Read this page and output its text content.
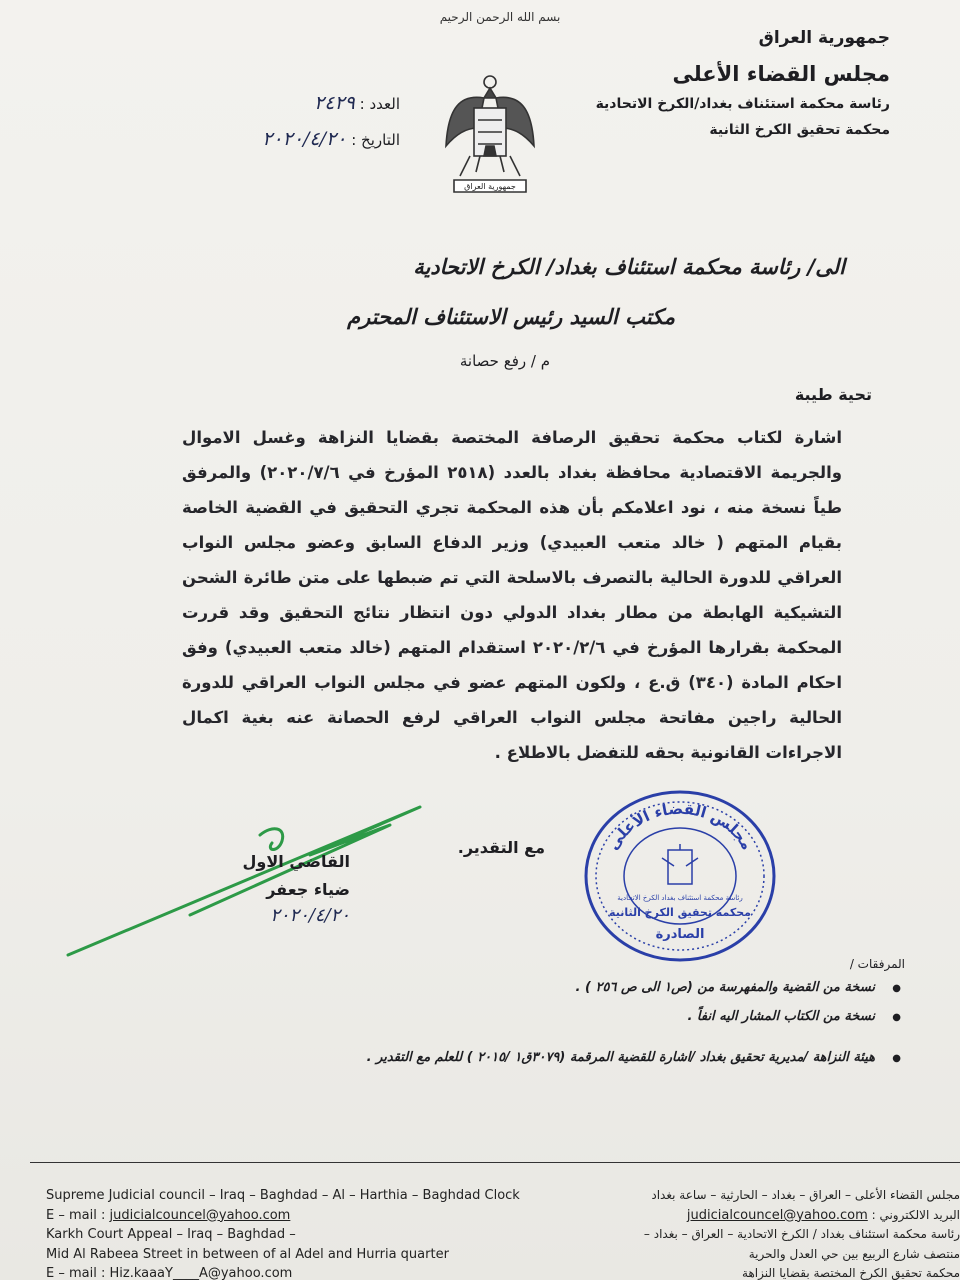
بسم الله الرحمن الرحيم
جمهورية العراق
مجلس القضاء الأعلى
رئاسة محكمة استئناف بغداد/الكرخ الاتحادية
محكمة تحقيق الكرخ الثانية
جمهورية العراق
العدد : ٢٤٢٩
التاريخ : ٢٠٢٠/٤/٢٠
الى/ رئاسة محكمة استئناف بغداد/ الكرخ الاتحادية
مكتب السيد رئيس الاستئناف المحترم
م / رفع حصانة
تحية طيبة
اشارة لكتاب محكمة تحقيق الرصافة المختصة بقضايا النزاهة وغسل الاموال والجريمة الاقتصادية محافظة بغداد بالعدد (٢٥١٨ المؤرخ في ٢٠٢٠/٧/٦) والمرفق طياً نسخة منه ، نود اعلامكم بأن هذه المحكمة تجري التحقيق في القضية الخاصة بقيام المتهم ( خالد متعب العبيدي) وزير الدفاع السابق وعضو مجلس النواب العراقي للدورة الحالية بالتصرف بالاسلحة التي تم ضبطها على متن طائرة الشحن التشيكية الهابطة من مطار بغداد الدولي دون انتظار نتائج التحقيق وقد قررت المحكمة بقرارها المؤرخ في ٢٠٢٠/٢/٦ استقدام المتهم (خالد متعب العبيدي) وفق احكام المادة (٣٤٠) ق.ع ، ولكون المتهم عضو في مجلس النواب العراقي للدورة الحالية راجين مفاتحة مجلس النواب العراقي لرفع الحصانة عنه بغية اكمال الاجراءات القانونية بحقه للتفضل بالاطلاع .
مع التقدير.
القاضي الاول
ضياء جعفر
٢٠٢٠/٤/٢٠
مجلس القضاء الأعلى
رئاسة محكمة استئناف بغداد الكرخ الاتحادية
محكمة تحقيق الكرخ الثانية
الصادرة
المرفقات /
●
نسخة من القضية والمفهرسة من (ص١ الى ص ٢٥٦ ) .
●
نسخة من الكتاب المشار اليه انفاً .
●
هيئة النزاهة /مديرية تحقيق بغداد /اشارة للقضية المرقمة (٣٠٧٩ق١ /٢٠١٥ ) للعلم مع التقدير .
Supreme Judicial council – Iraq – Baghdad – Al – Harthia – Baghdad Clock
E – mail : judicialcouncel@yahoo.com
Karkh Court Appeal – Iraq – Baghdad –
Mid Al Rabeea Street in between of al Adel and Hurria quarter
E – mail : Hiz.kaaaY____A@yahoo.com
مجلس القضاء الأعلى – العراق – بغداد – الحارثية – ساعة بغداد
البريد الالكتروني : judicialcouncel@yahoo.com
رئاسة محكمة استئناف بغداد / الكرخ الاتحادية – العراق – بغداد –
منتصف شارع الربيع بين حي العدل والحرية
محكمة تحقيق الكرخ المختصة بقضايا النزاهة
